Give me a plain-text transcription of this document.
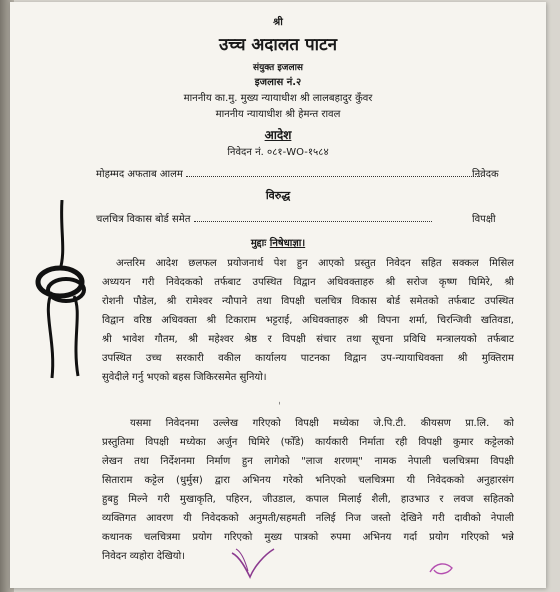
श्री
उच्च अदालत पाटन
संयुक्त इजलास
इजलास नं.२
माननीय का.मु. मुख्य न्यायाधीश श्री लालबहादुर कुँवर
माननीय न्यायाधीश श्री हेमन्त रावल
आदेश
निवेदन नं. ०८१-WO-१५८४
मोहम्मद अफताब आलम	निवेदक
विरुद्ध
चलचित्र विकास बोर्ड समेत	विपक्षी
मुद्दाः निषेधाज्ञा।
अन्तरिम आदेश छलफल प्रयोजनार्थ पेश हुन आएको प्रस्तुत निवेदन सहित सक्कल मिसिल
अध्ययन गरी निवेदकको तर्फबाट उपस्थित विद्वान अधिवक्ताहरु श्री सरोज कृष्ण घिमिरे, श्री
रोशनी पौडेल, श्री रामेश्वर न्यौपाने तथा विपक्षी चलचित्र विकास बोर्ड समेतको तर्फबाट उपस्थित
विद्वान वरिष्ठ अधिवक्ता श्री टिकाराम भट्टराई, अधिवक्ताहरु श्री विपना शर्मा, चिरन्जिवी खतिवडा,
श्री भावेश गौतम, श्री महेश्वर श्रेष्ठ र विपक्षी संचार तथा सूचना प्रविधि मन्त्रालयको तर्फबाट
उपस्थित उच्च सरकारी वकील कार्यालय पाटनका विद्वान उप-न्यायाधिवक्ता श्री मुक्तिराम
सुवेदीले गर्नु भएको बहस जिकिरसमेत सुनियो।
ˌ
यसमा निवेदनमा उल्लेख गरिएको विपक्षी मध्येका जे.पि.टी. कीयसण प्रा.लि. को
प्रस्तुतिमा विपक्षी मध्येका अर्जुन घिमिरे (फोँडे) कार्यकारी निर्माता रही विपक्षी कुमार कट्टेलको
लेखन तथा निर्देशनमा निर्माण हुन लागेको "लाज शरणम्" नामक नेपाली चलचित्रमा विपक्षी
सिताराम कट्टेल (धुर्मुस) द्वारा अभिनय गरेको भनिएको चलचित्रमा यी निवेदकको अनुहारसंग
हुबहु मिल्ने गरी मुखाकृति, पहिरन, जीउडाल, कपाल मिलाई शैली, हाउभाउ र लवज सहितको
व्यक्तिगत आवरण यी निवेदकको अनुमती/सहमती नलिई निज जस्तो देखिने गरी दावीको नेपाली
कथानक चलचित्रमा प्रयोग गरिएको मुख्य पात्रको रुपमा अभिनय गर्दा प्रयोग गरिएको भन्ने
निवेदन व्यहोरा देखियो।
